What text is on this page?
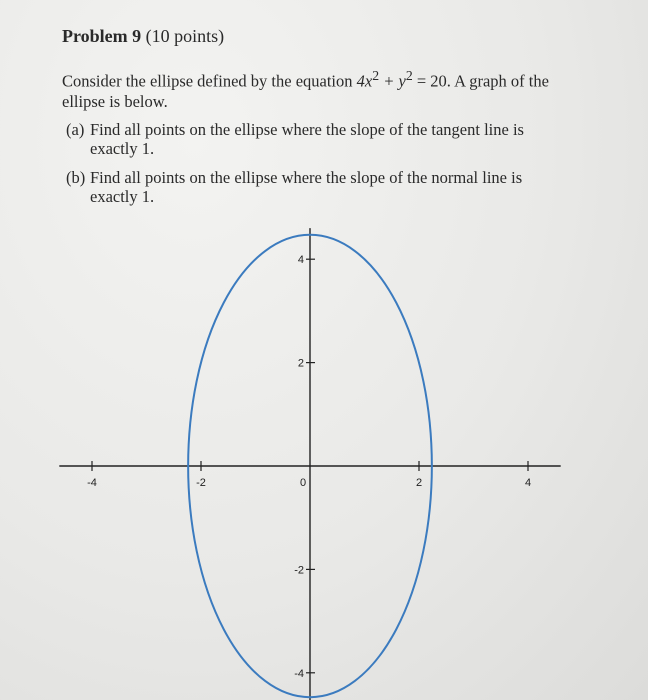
Problem 9 (10 points)
Consider the ellipse defined by the equation $4x^2 + y^2 = 20$. A graph of the ellipse is below.
(a) Find all points on the ellipse where the slope of the tangent line is
exactly 1.
(b) Find all points on the ellipse where the slope of the normal line is
exactly 1.
-4	-2	0	2	4
4
2
-2
-4
